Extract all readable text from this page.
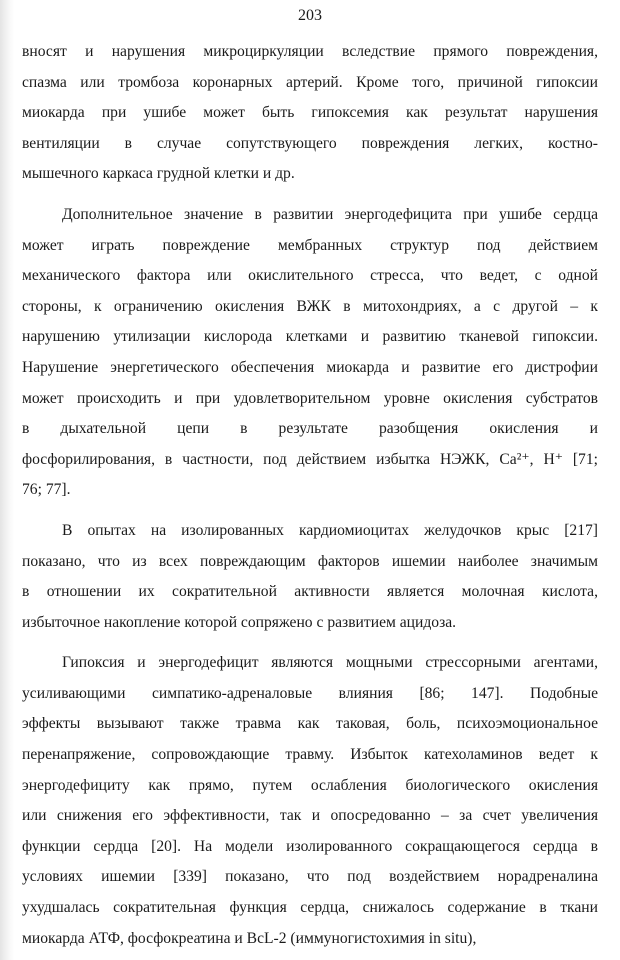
203
вносят и нарушения микроциркуляции вследствие прямого повреждения,
спазма или тромбоза коронарных артерий. Кроме того, причиной гипоксии
миокарда при ушибе может быть гипоксемия как результат нарушения
вентиляции в случае сопутствующего повреждения легких, костно-
мышечного каркаса грудной клетки и др.
Дополнительное значение в развитии энергодефицита при ушибе сердца
может играть повреждение мембранных структур под действием
механического фактора или окислительного стресса, что ведет, с одной
стороны, к ограничению окисления ВЖК в митохондриях, а с другой – к
нарушению утилизации кислорода клетками и развитию тканевой гипоксии.
Нарушение энергетического обеспечения миокарда и развитие его дистрофии
может происходить и при удовлетворительном уровне окисления субстратов
в дыхательной цепи в результате разобщения окисления и
фосфорилирования, в частности, под действием избытка НЭЖК, Са²⁺, Н⁺ [71;
76; 77].
В опытах на изолированных кардиомиоцитах желудочков крыс [217]
показано, что из всех повреждающим факторов ишемии наиболее значимым
в отношении их сократительной активности является молочная кислота,
избыточное накопление которой сопряжено с развитием ацидоза.
Гипоксия и энергодефицит являются мощными стрессорными агентами,
усиливающими симпатико-адреналовые влияния [86; 147]. Подобные
эффекты вызывают также травма как таковая, боль, психоэмоциональное
перенапряжение, сопровождающие травму. Избыток катехоламинов ведет к
энергодефициту как прямо, путем ослабления биологического окисления
или снижения его эффективности, так и опосредованно – за счет увеличения
функции сердца [20]. На модели изолированного сокращающегося сердца в
условиях ишемии [339] показано, что под воздействием норадреналина
ухудшалась сократительная функция сердца, снижалось содержание в ткани
миокарда АТФ, фосфокреатина и BcL-2 (иммуногистохимия in situ),
